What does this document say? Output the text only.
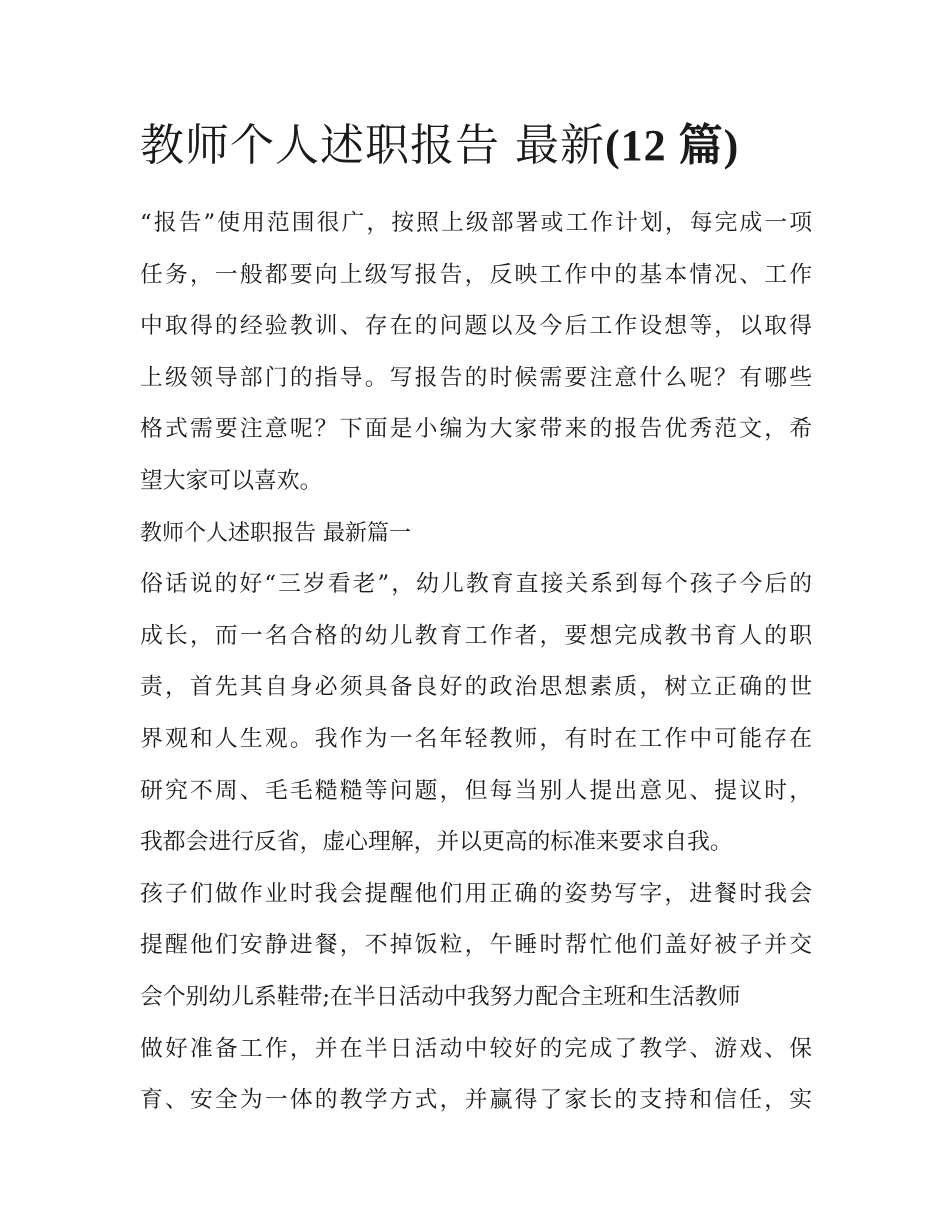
教师个人述职报告 最新(12 篇)
“报告”使用范围很广，按照上级部署或工作计划，每完成一项
任务，一般都要向上级写报告，反映工作中的基本情况、工作
中取得的经验教训、存在的问题以及今后工作设想等，以取得
上级领导部门的指导。写报告的时候需要注意什么呢？有哪些
格式需要注意呢？下面是小编为大家带来的报告优秀范文，希
望大家可以喜欢。
教师个人述职报告 最新篇一
俗话说的好“三岁看老”，幼儿教育直接关系到每个孩子今后的
成长，而一名合格的幼儿教育工作者，要想完成教书育人的职
责，首先其自身必须具备良好的政治思想素质，树立正确的世
界观和人生观。我作为一名年轻教师，有时在工作中可能存在
研究不周、毛毛糙糙等问题，但每当别人提出意见、提议时，
我都会进行反省，虚心理解，并以更高的标准来要求自我。
孩子们做作业时我会提醒他们用正确的姿势写字，进餐时我会
提醒他们安静进餐，不掉饭粒，午睡时帮忙他们盖好被子并交
会个别幼儿系鞋带;在半日活动中我努力配合主班和生活教师
做好准备工作，并在半日活动中较好的完成了教学、游戏、保
育、安全为一体的教学方式，并赢得了家长的支持和信任，实
